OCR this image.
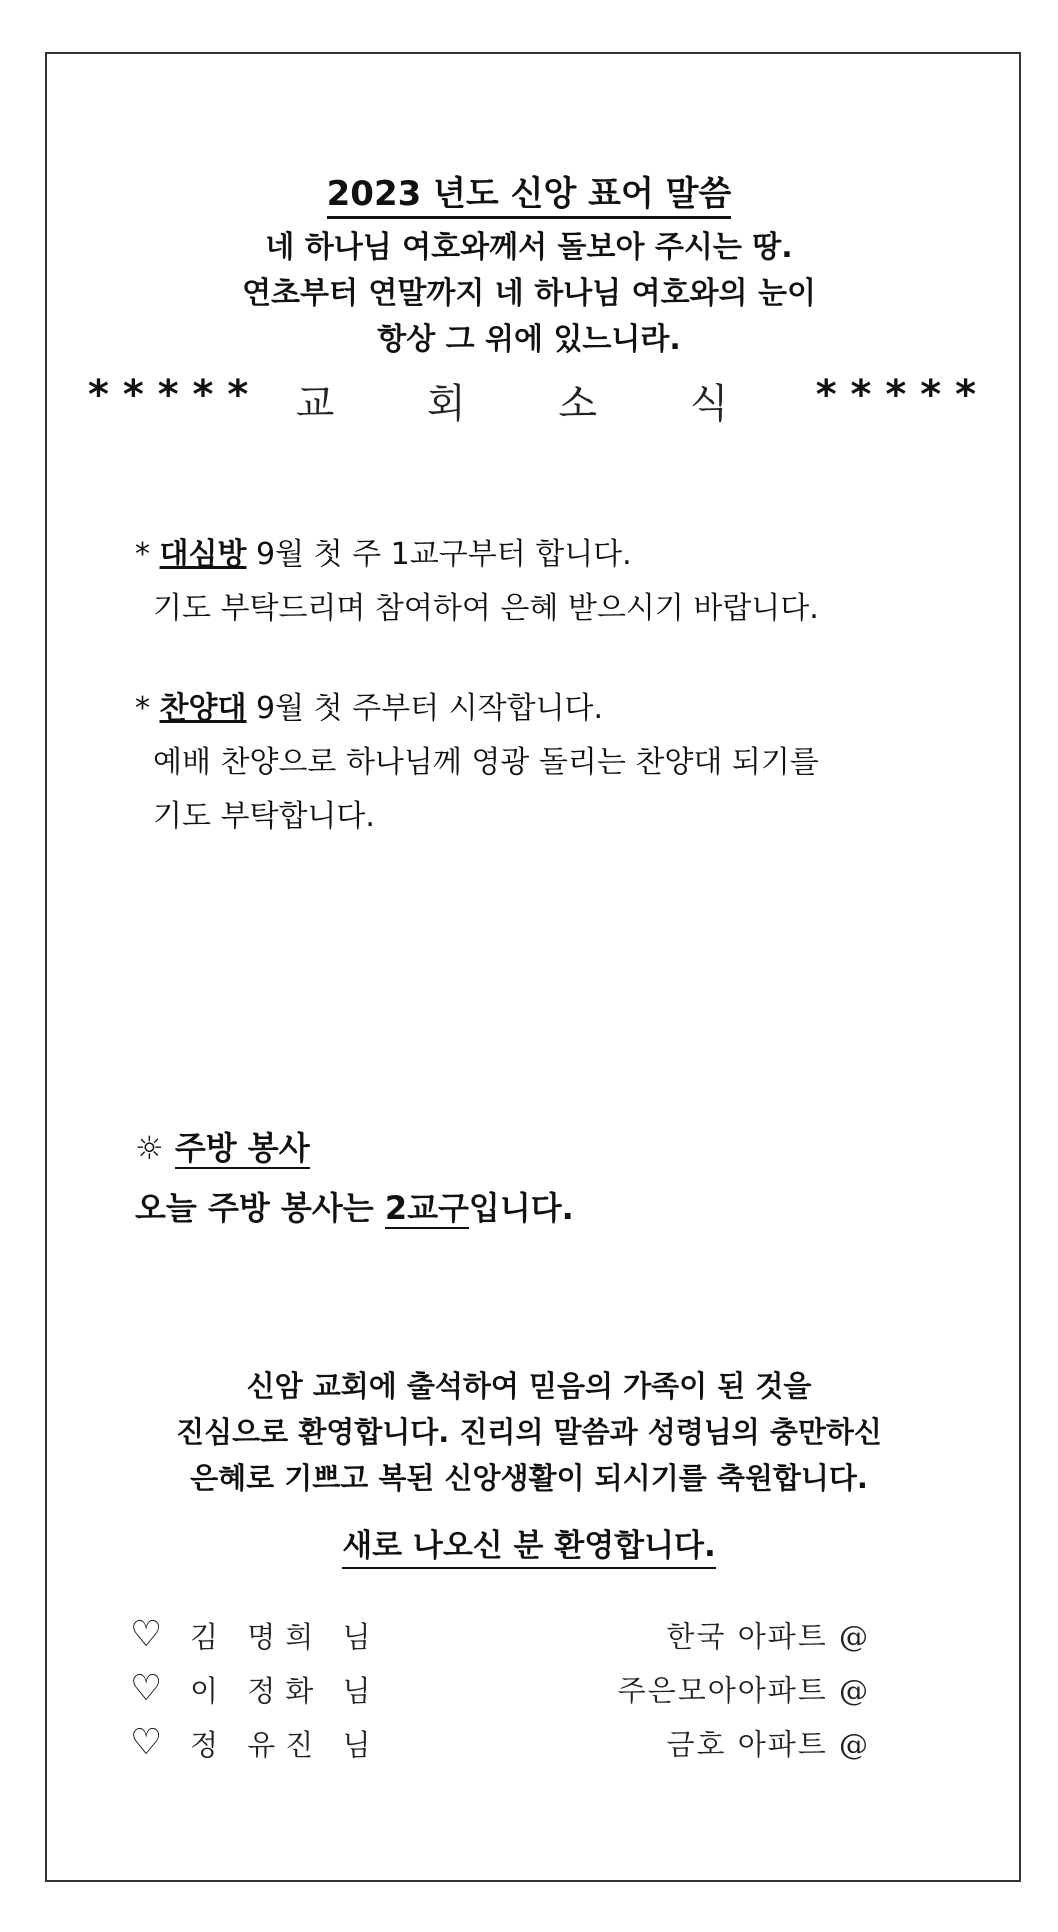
2023 년도 신앙 표어 말씀
네 하나님 여호와께서 돌보아 주시는 땅.
연초부터 연말까지 네 하나님 여호와의 눈이
항상 그 위에 있느니라.
* * * * * 교 회 소 식 * * * * *
* 대심방 9월 첫 주 1교구부터 합니다.
기도 부탁드리며 참여하여 은혜 받으시기 바랍니다.
* 찬양대 9월 첫 주부터 시작합니다.
예배 찬양으로 하나님께 영광 돌리는 찬양대 되기를
기도 부탁합니다.
☼ 주방 봉사
오늘 주방 봉사는 2교구입니다.
신암 교회에 출석하여 믿음의 가족이 된 것을
진심으로 환영합니다. 진리의 말씀과 성령님의 충만하신
은혜로 기쁘고 복된 신앙생활이 되시기를 축원합니다.
새로 나오신 분 환영합니다.
♡ 김 명희 님	한국 아파트 @
♡ 이 정화 님	주은모아아파트 @
♡ 정 유진 님	금호 아파트 @
